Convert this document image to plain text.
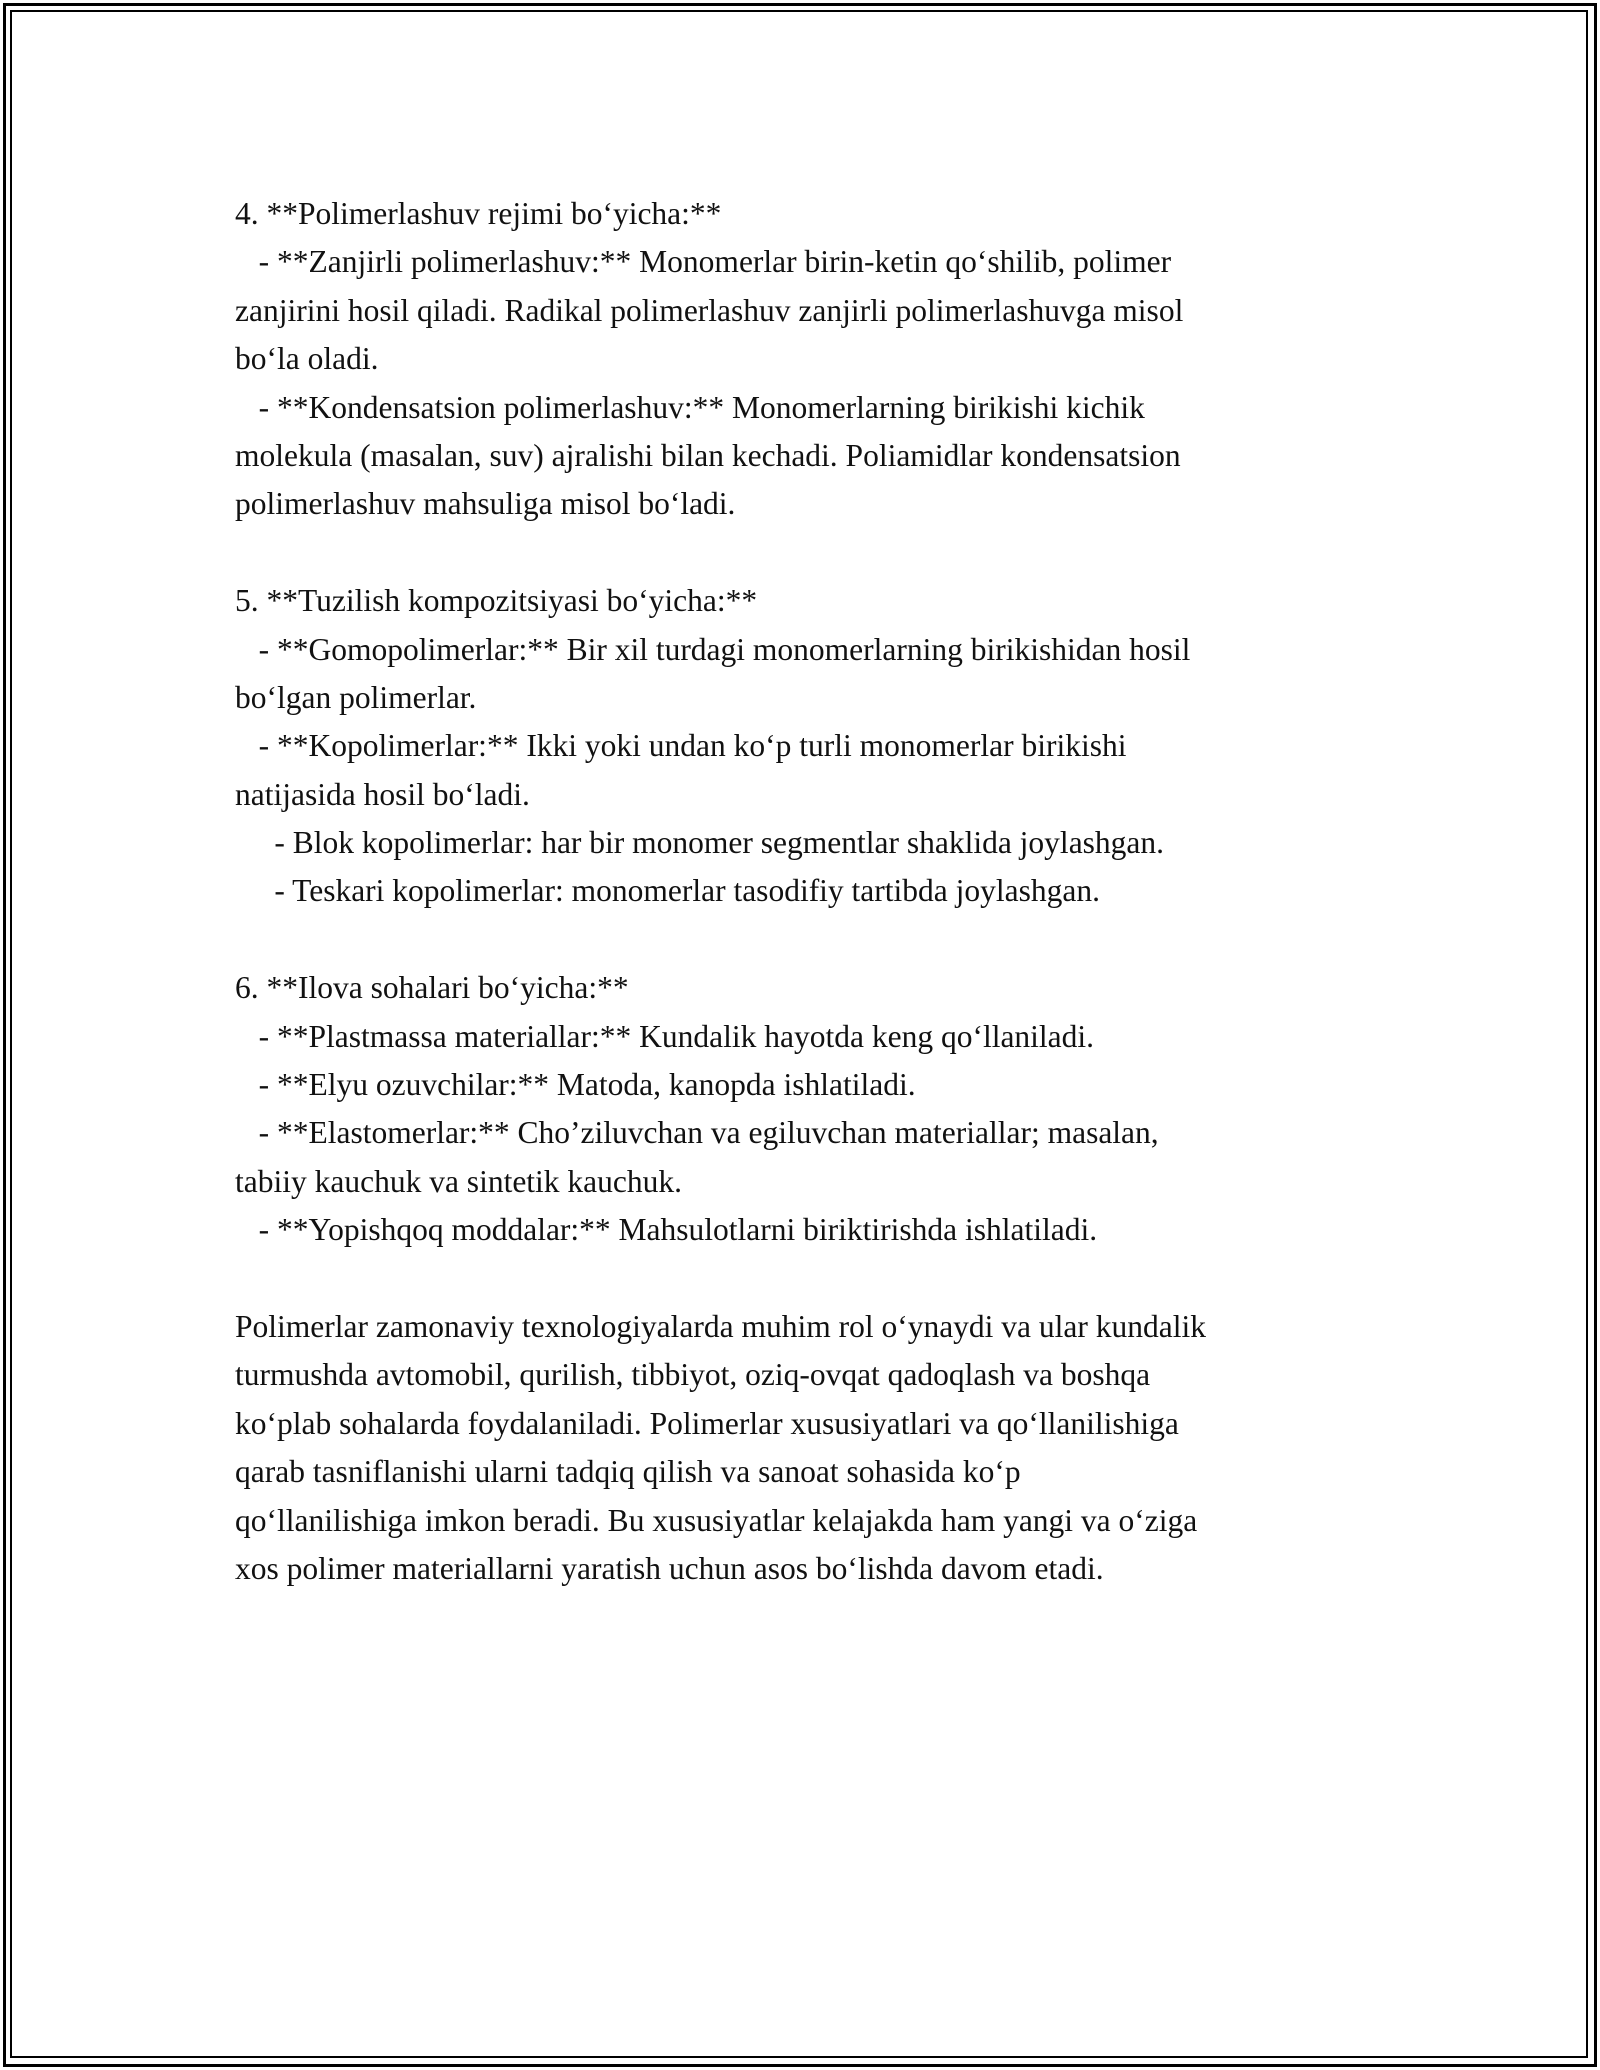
4. **Polimerlashuv rejimi bo‘yicha:**
- **Zanjirli polimerlashuv:** Monomerlar birin-ketin qo‘shilib, polimer
zanjirini hosil qiladi. Radikal polimerlashuv zanjirli polimerlashuvga misol
bo‘la oladi.
- **Kondensatsion polimerlashuv:** Monomerlarning birikishi kichik
molekula (masalan, suv) ajralishi bilan kechadi. Poliamidlar kondensatsion
polimerlashuv mahsuliga misol bo‘ladi.
5. **Tuzilish kompozitsiyasi bo‘yicha:**
- **Gomopolimerlar:** Bir xil turdagi monomerlarning birikishidan hosil
bo‘lgan polimerlar.
- **Kopolimerlar:** Ikki yoki undan ko‘p turli monomerlar birikishi
natijasida hosil bo‘ladi.
- Blok kopolimerlar: har bir monomer segmentlar shaklida joylashgan.
- Teskari kopolimerlar: monomerlar tasodifiy tartibda joylashgan.
6. **Ilova sohalari bo‘yicha:**
- **Plastmassa materiallar:** Kundalik hayotda keng qo‘llaniladi.
- **Elyu ozuvchilar:** Matoda, kanopda ishlatiladi.
- **Elastomerlar:** Cho’ziluvchan va egiluvchan materiallar; masalan,
tabiiy kauchuk va sintetik kauchuk.
- **Yopishqoq moddalar:** Mahsulotlarni biriktirishda ishlatiladi.
Polimerlar zamonaviy texnologiyalarda muhim rol o‘ynaydi va ular kundalik
turmushda avtomobil, qurilish, tibbiyot, oziq-ovqat qadoqlash va boshqa
ko‘plab sohalarda foydalaniladi. Polimerlar xususiyatlari va qo‘llanilishiga
qarab tasniflanishi ularni tadqiq qilish va sanoat sohasida ko‘p
qo‘llanilishiga imkon beradi. Bu xususiyatlar kelajakda ham yangi va o‘ziga
xos polimer materiallarni yaratish uchun asos bo‘lishda davom etadi.
